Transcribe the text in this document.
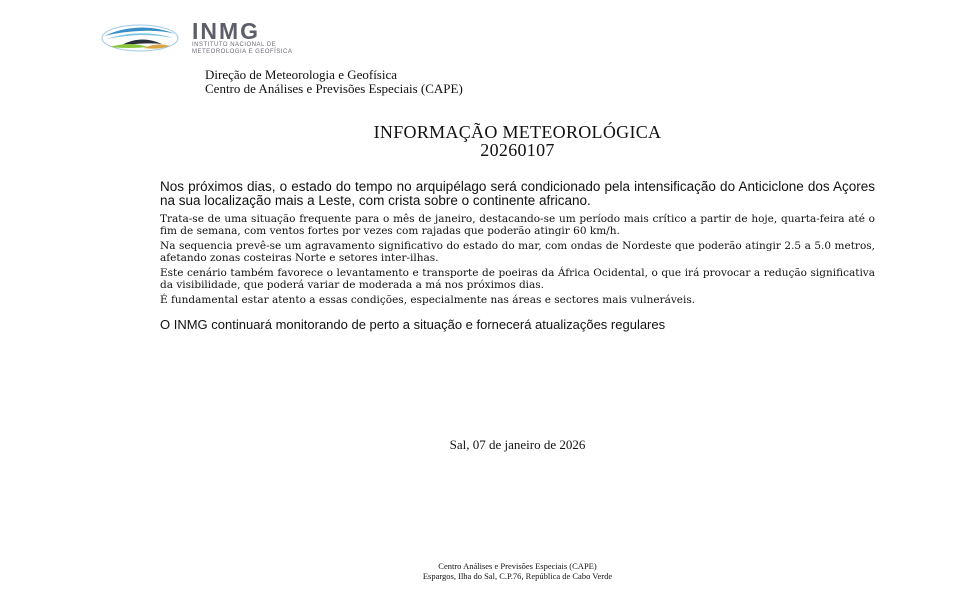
INMG
INSTITUTO NACIONAL DE
METEOROLOGIA E GEOFÍSICA
Direção de Meteorologia e Geofísica
Centro de Análises e Previsões Especiais (CAPE)
INFORMAÇÃO METEOROLÓGICA
20260107

Nos próximos dias, o estado do tempo no arquipélago será condicionado pela intensificação do Anticiclone dos Açores na sua localização mais a Leste, com crista sobre o continente africano.

Trata-se de uma situação frequente para o mês de janeiro, destacando-se um período mais crítico a partir de hoje, quarta-feira até o fim de semana, com ventos fortes por vezes com rajadas que poderão atingir 60 km/h.

Na sequencia prevê-se um agravamento significativo do estado do mar, com ondas de Nordeste que poderão atingir 2.5 a 5.0 metros, afetando zonas costeiras Norte e setores inter-ilhas.

Este cenário também favorece o levantamento e transporte de poeiras da África Ocidental, o que irá provocar a redução significativa da visibilidade, que poderá variar de moderada a má nos próximos dias.

É fundamental estar atento a essas condições, especialmente nas áreas e sectores mais vulneráveis.

O INMG continuará monitorando de perto a situação e fornecerá atualizações regulares

Sal, 07 de janeiro de 2026
Centro Análises e Previsões Especiais (CAPE)
Espargos, Ilha do Sal, C.P.76, República de Cabo Verde
